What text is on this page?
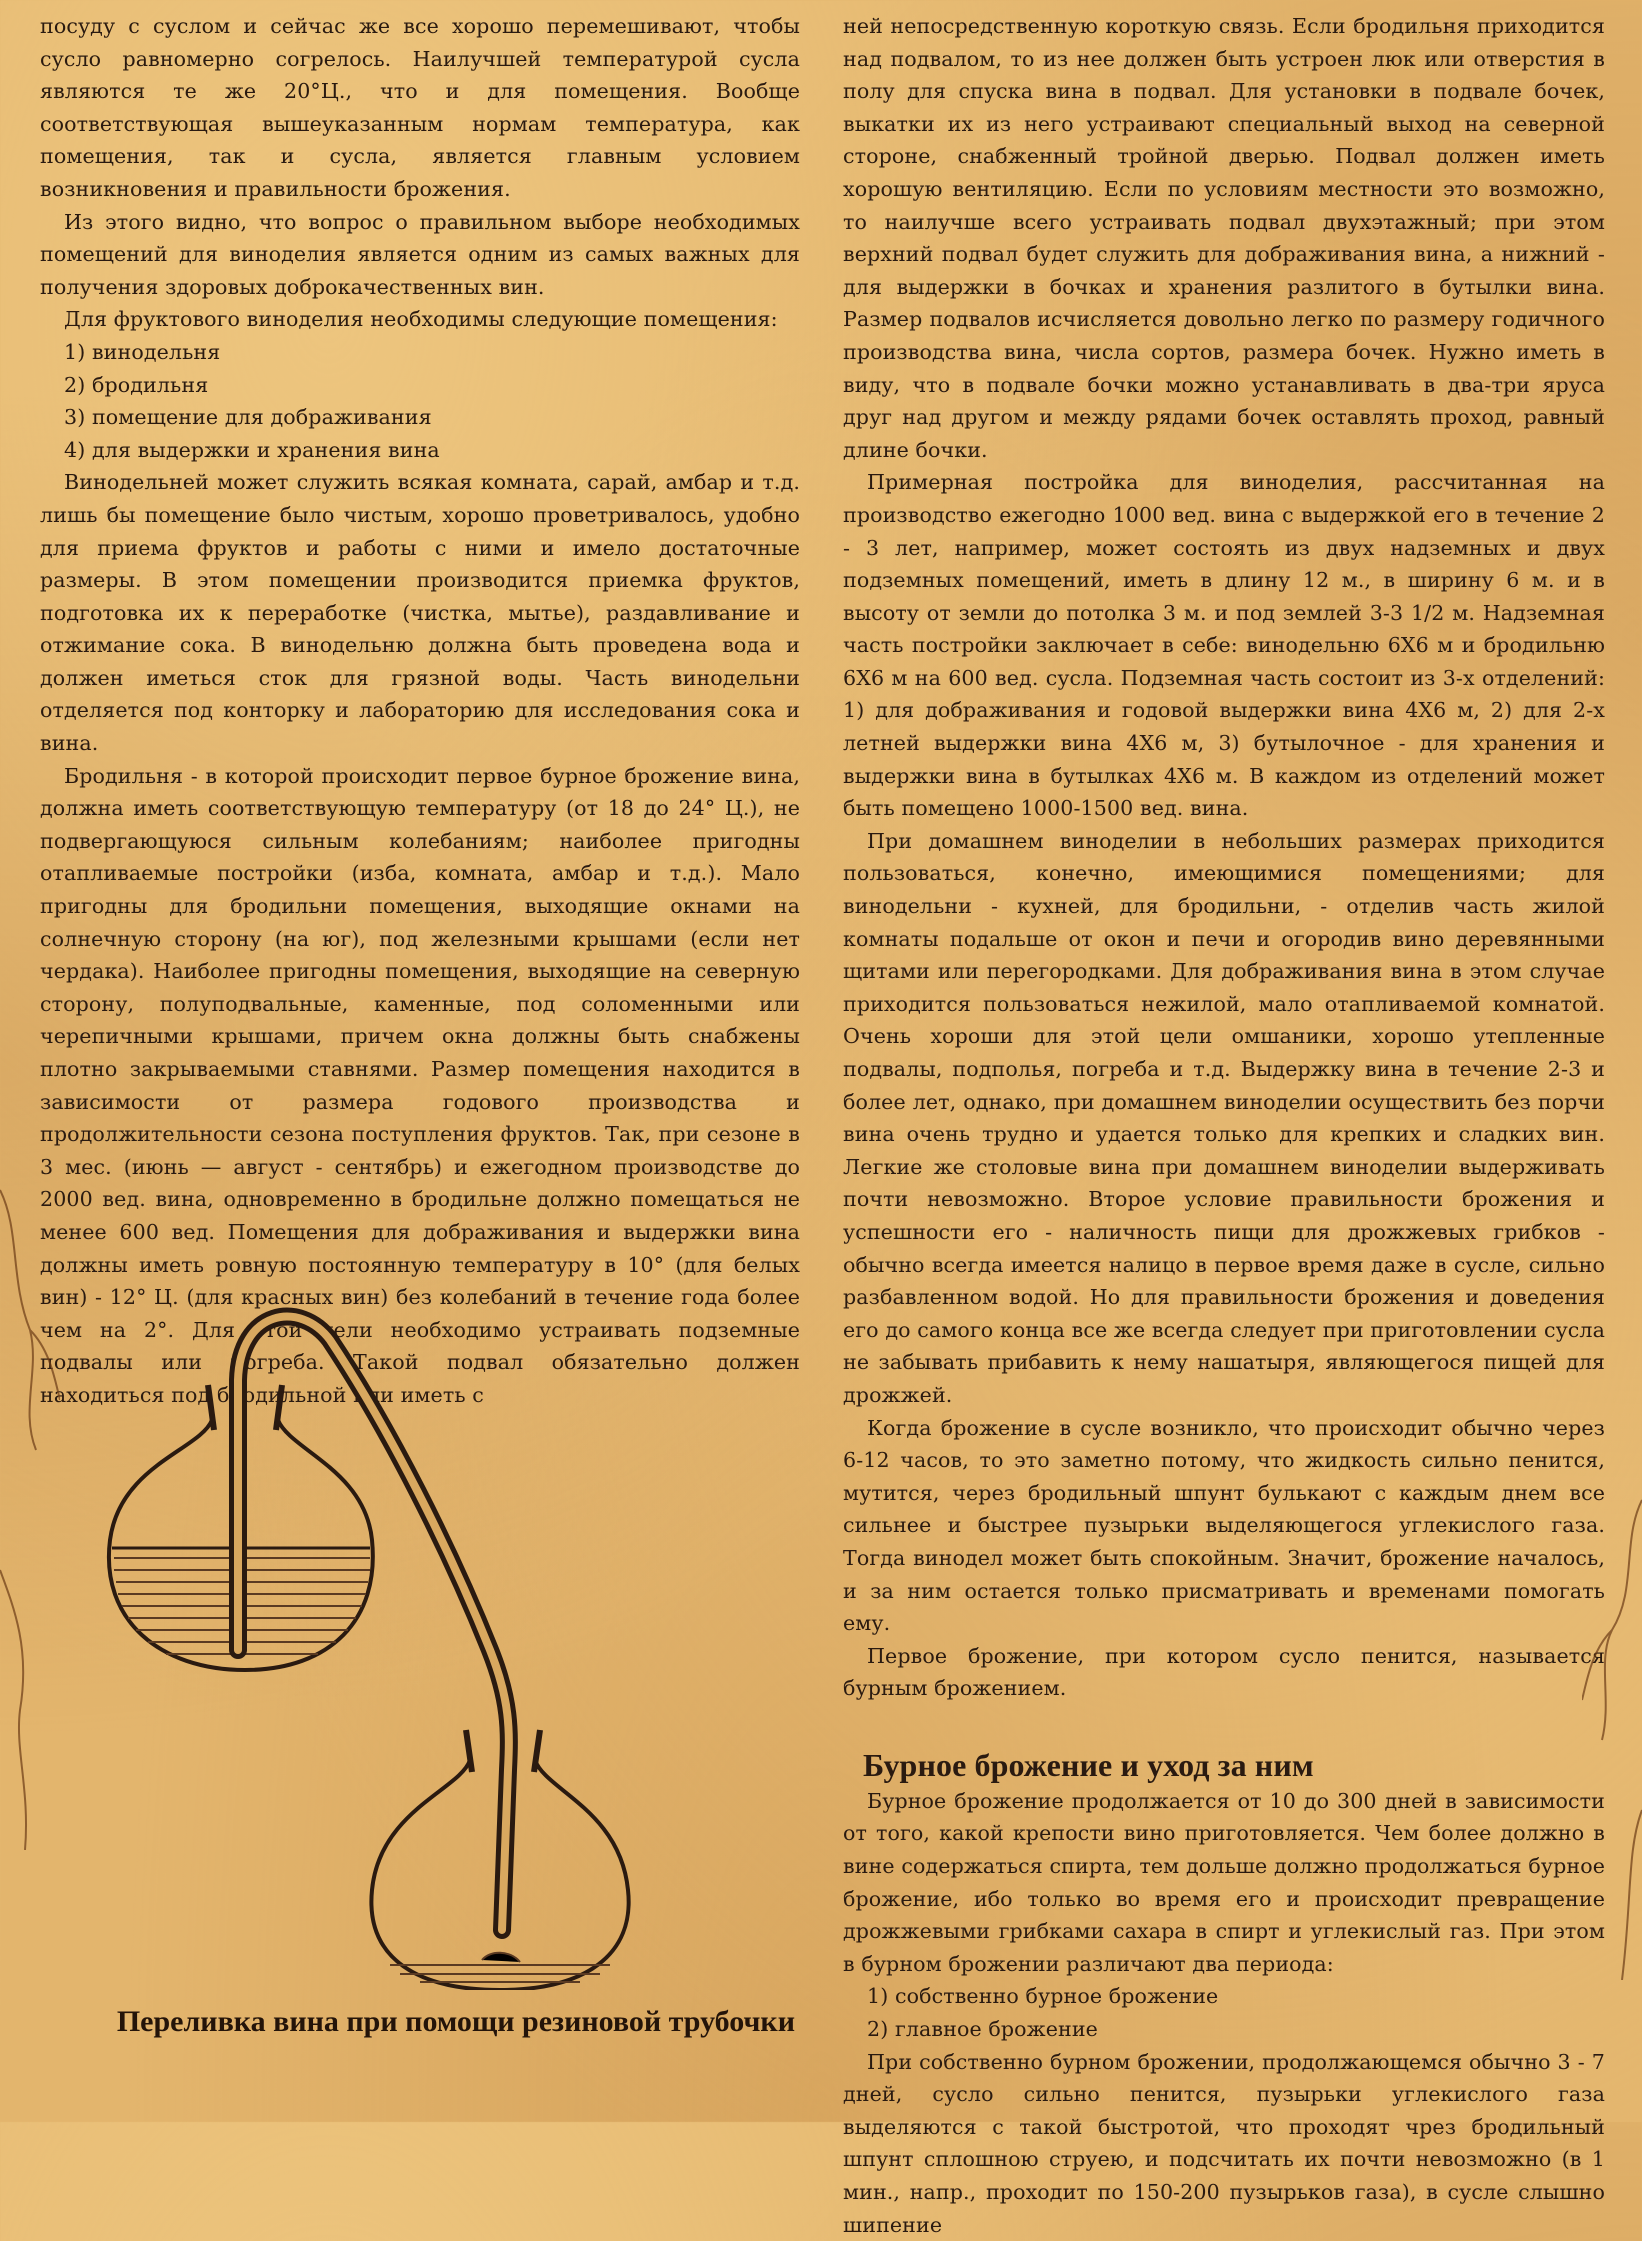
посуду с суслом и сейчас же все хорошо перемешивают, чтобы сусло равномерно согрелось. Наилучшей температурой сусла являются те же 20°Ц., что и для помещения. Вообще соответствующая вышеуказанным нормам температура, как помещения, так и сусла, является главным условием возникновения и правильности брожения.

Из этого видно, что вопрос о правильном выборе необходимых помещений для виноделия является одним из самых важных для получения здоровых доброкачественных вин.

Для фруктового виноделия необходимы следующие помещения:

1) винодельня

2) бродильня

3) помещение для дображивания

4) для выдержки и хранения вина

Винодельней может служить всякая комната, сарай, амбар и т.д. лишь бы помещение было чистым, хорошо проветривалось, удобно для приема фруктов и работы с ними и имело достаточные размеры. В этом помещении производится приемка фруктов, подготовка их к переработке (чистка, мытье), раздавливание и отжимание сока. В винодельню должна быть проведена вода и должен иметься сток для грязной воды. Часть винодельни отделяется под конторку и лабораторию для исследования сока и вина.

Бродильня - в которой происходит первое бурное брожение вина, должна иметь соответствующую температуру (от 18 до 24° Ц.), не подвергающуюся сильным колебаниям; наиболее пригодны отапливаемые постройки (изба, комната, амбар и т.д.). Мало пригодны для бродильни помещения, выходящие окнами на солнечную сторону (на юг), под железными крышами (если нет чердака). Наиболее пригодны помещения, выходящие на северную сторону, полуподвальные, каменные, под соломенными или черепичными крышами, причем окна должны быть снабжены плотно закрываемыми ставнями. Размер помещения находится в зависимости от размера годового производства и продолжительности сезона поступления фруктов. Так, при сезоне в 3 мес. (июнь — август - сентябрь) и ежегодном производстве до 2000 вед. вина, одновременно в бродильне должно помещаться не менее 600 вед. Помещения для дображивания и выдержки вина должны иметь ровную постоянную температуру в 10° (для белых вин) - 12° Ц. (для красных вин) без колебаний в течение года более чем на 2°. Для этой цели необходимо устраивать подземные подвалы или погреба. Такой подвал обязательно должен находиться под бродильной или иметь с

Переливка вина при помощи резиновой трубочки

ней непосредственную короткую связь. Если бродильня приходится над подвалом, то из нее должен быть устроен люк или отверстия в полу для спуска вина в подвал. Для установки в подвале бочек, выкатки их из него устраивают специальный выход на северной стороне, снабженный тройной дверью. Подвал должен иметь хорошую вентиляцию. Если по условиям местности это возможно, то наилучше всего устраивать подвал двухэтажный; при этом верхний подвал будет служить для дображивания вина, а нижний - для выдержки в бочках и хранения разлитого в бутылки вина. Размер подвалов исчисляется довольно легко по размеру годичного производства вина, числа сортов, размера бочек. Нужно иметь в виду, что в подвале бочки можно устанавливать в два-три яруса друг над другом и между рядами бочек оставлять проход, равный длине бочки.

Примерная постройка для виноделия, рассчитанная на производство ежегодно 1000 вед. вина с выдержкой его в течение 2 - 3 лет, например, может состоять из двух надземных и двух подземных помещений, иметь в длину 12 м., в ширину 6 м. и в высоту от земли до потолка 3 м. и под землей 3-3 1/2 м. Надземная часть постройки заключает в себе: винодельню 6Х6 м и бродильню 6Х6 м на 600 вед. сусла. Подземная часть состоит из 3-х отделений: 1) для дображивания и годовой выдержки вина 4Х6 м, 2) для 2-х летней выдержки вина 4Х6 м, 3) бутылочное - для хранения и выдержки вина в бутылках 4Х6 м. В каждом из отделений может быть помещено 1000-1500 вед. вина.

При домашнем виноделии в небольших размерах приходится пользоваться, конечно, имеющимися помещениями; для винодельни - кухней, для бродильни, - отделив часть жилой комнаты подальше от окон и печи и огородив вино деревянными щитами или перегородками. Для дображивания вина в этом случае приходится пользоваться нежилой, мало отапливаемой комнатой. Очень хороши для этой цели омшаники, хорошо утепленные подвалы, подполья, погреба и т.д. Выдержку вина в течение 2-3 и более лет, однако, при домашнем виноделии осуществить без порчи вина очень трудно и удается только для крепких и сладких вин. Легкие же столовые вина при домашнем виноделии выдерживать почти невозможно. Второе условие правильности брожения и успешности его - наличность пищи для дрожжевых грибков - обычно всегда имеется налицо в первое время даже в сусле, сильно разбавленном водой. Но для правильности брожения и доведения его до самого конца все же всегда следует при приготовлении сусла не забывать прибавить к нему нашатыря, являющегося пищей для дрожжей.

Когда брожение в сусле возникло, что происходит обычно через 6-12 часов, то это заметно потому, что жидкость сильно пенится, мутится, через бродильный шпунт булькают с каждым днем все сильнее и быстрее пузырьки выделяющегося углекислого газа. Тогда винодел может быть спокойным. Значит, брожение началось, и за ним остается только присматривать и временами помогать ему.

Первое брожение, при котором сусло пенится, называется бурным брожением.

Бурное брожение и уход за ним

Бурное брожение продолжается от 10 до 300 дней в зависимости от того, какой крепости вино приготовляется. Чем более должно в вине содержаться спирта, тем дольше должно продолжаться бурное брожение, ибо только во время его и происходит превращение дрожжевыми грибками сахара в спирт и углекислый газ. При этом в бурном брожении различают два периода:

1) собственно бурное брожение

2) главное брожение

При собственно бурном брожении, продолжающемся обычно 3 - 7 дней, сусло сильно пенится, пузырьки углекислого газа выделяются с такой быстротой, что проходят чрез бродильный шпунт сплошною струею, и подсчитать их почти невозможно (в 1 мин., напр., проходит по 150-200 пузырьков газа), в сусле слышно шипение
